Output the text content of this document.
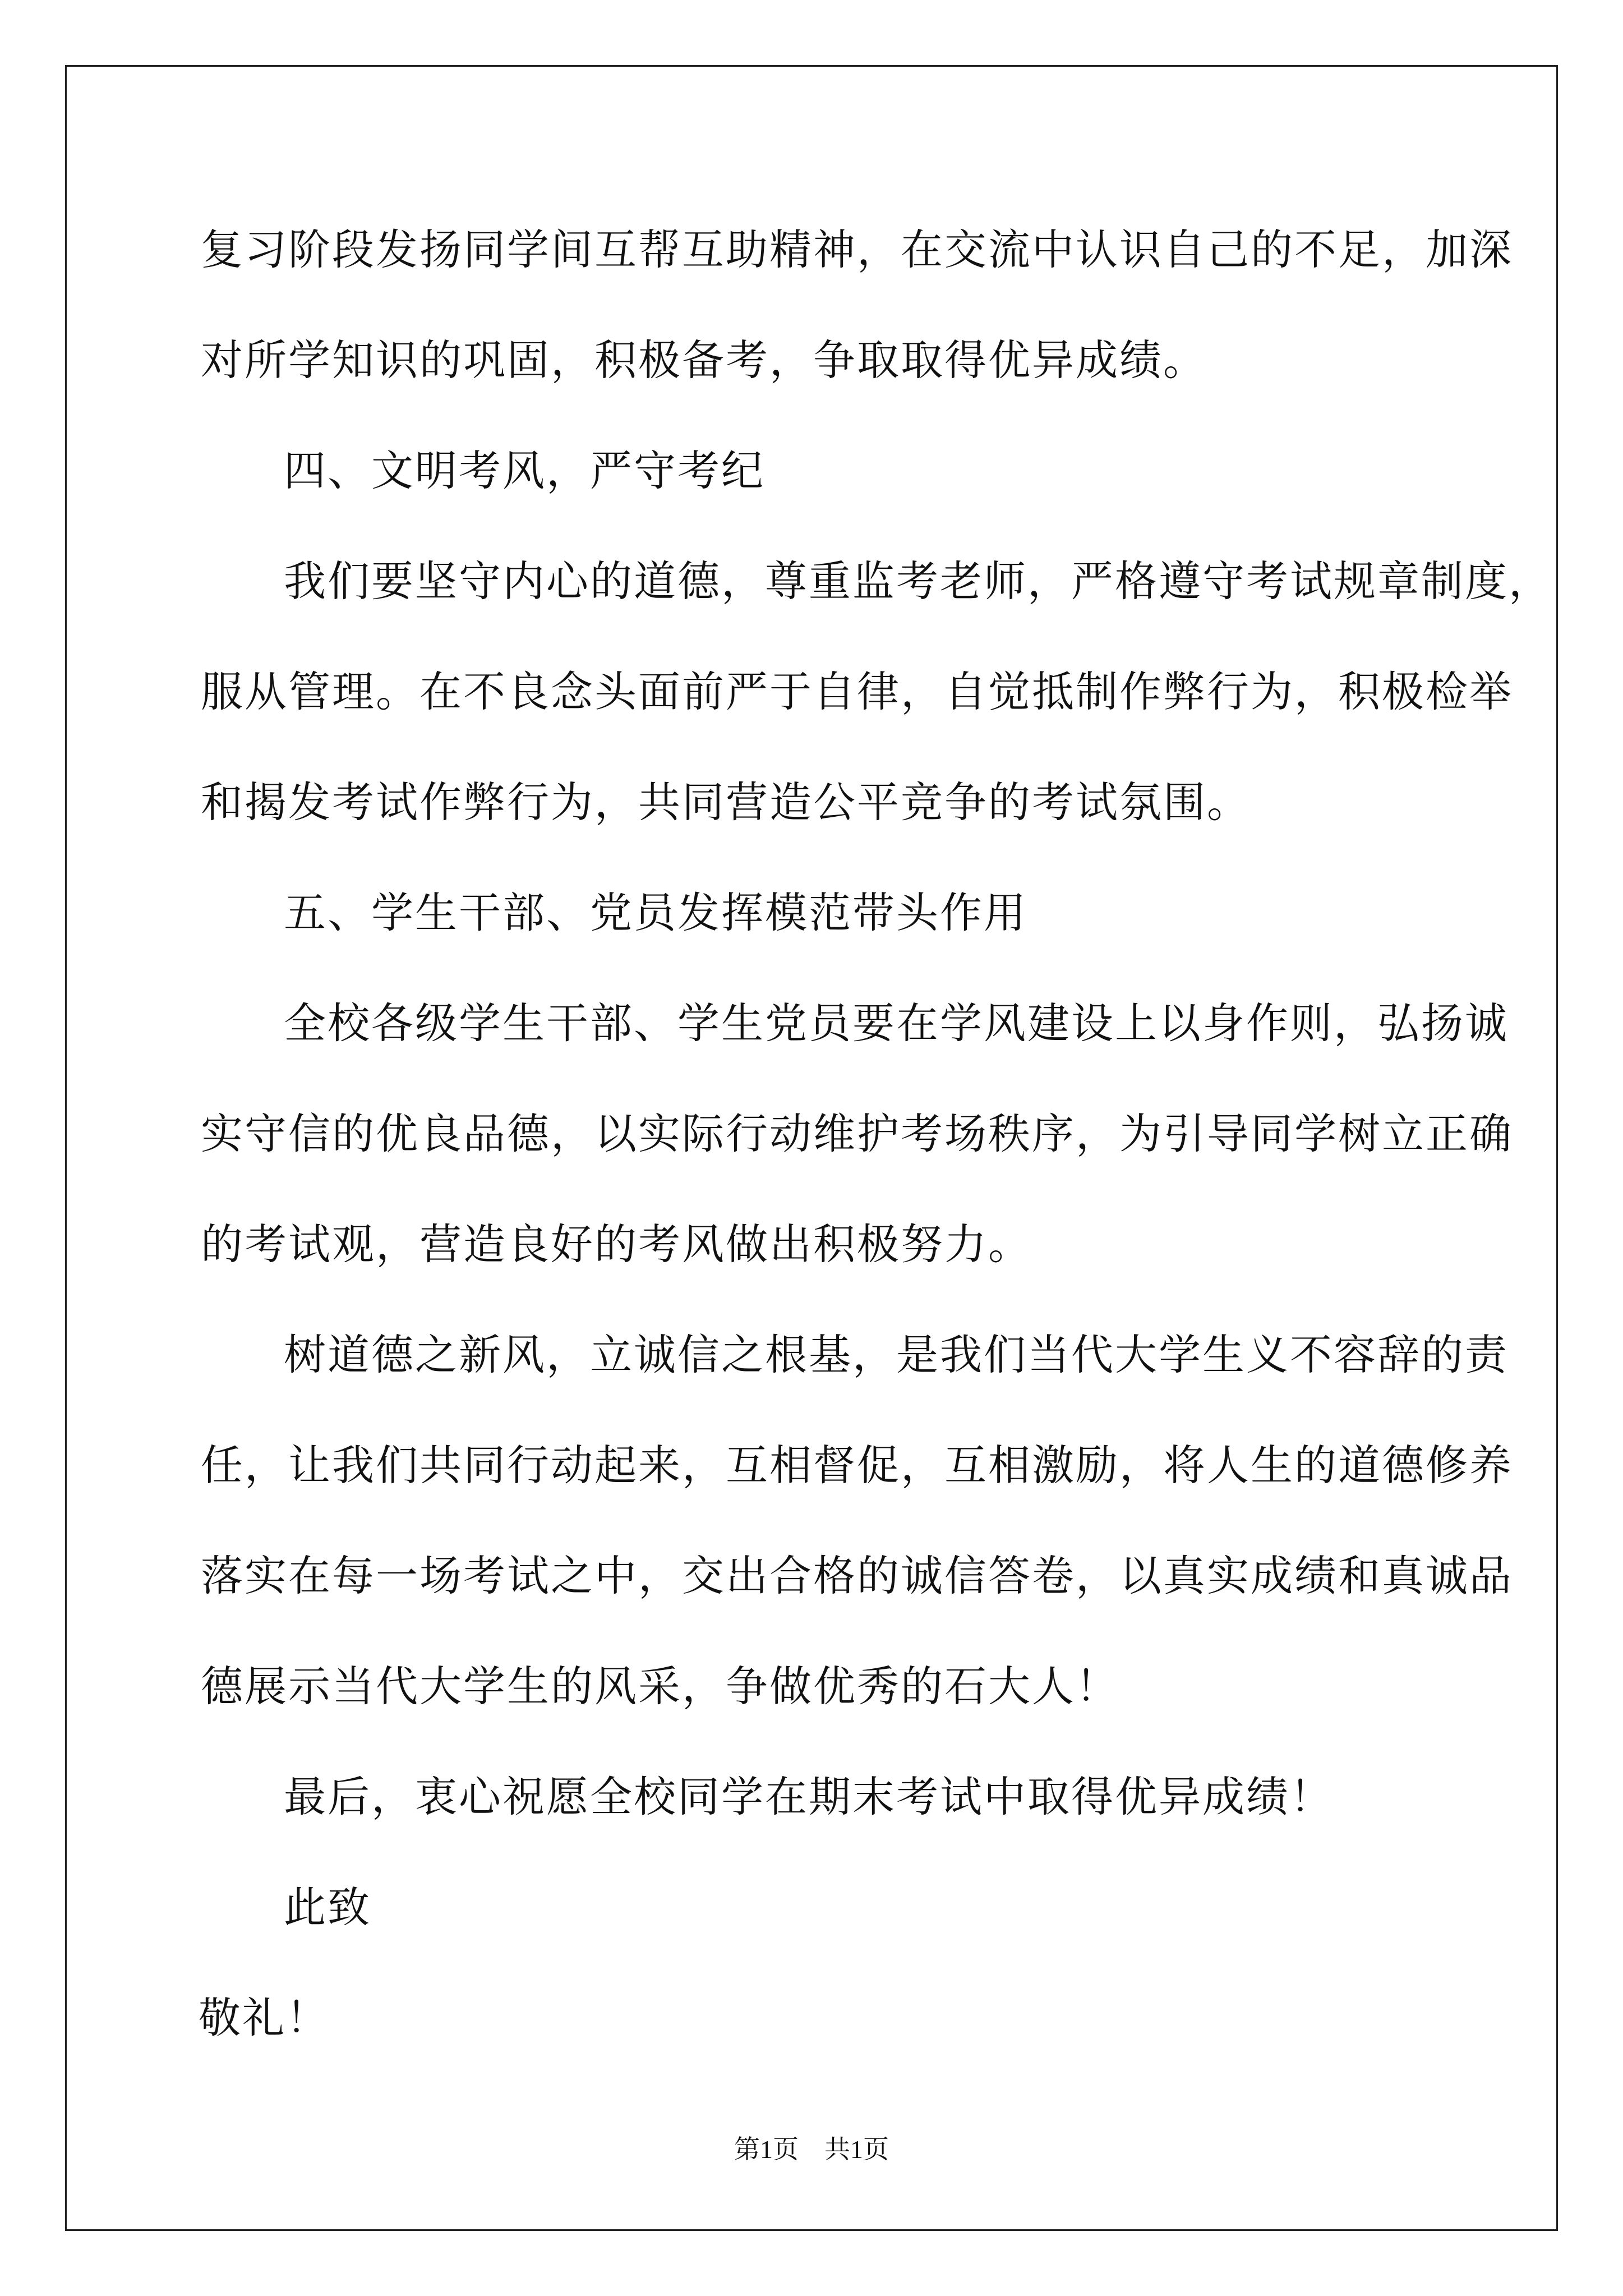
复习阶段发扬同学间互帮互助精神，在交流中认识自己的不足，加深
对所学知识的巩固，积极备考，争取取得优异成绩。
四、文明考风，严守考纪
我们要坚守内心的道德，尊重监考老师，严格遵守考试规章制度，
服从管理。在不良念头面前严于自律，自觉抵制作弊行为，积极检举
和揭发考试作弊行为，共同营造公平竞争的考试氛围。
五、学生干部、党员发挥模范带头作用
全校各级学生干部、学生党员要在学风建设上以身作则，弘扬诚
实守信的优良品德，以实际行动维护考场秩序，为引导同学树立正确
的考试观，营造良好的考风做出积极努力。
树道德之新风，立诚信之根基，是我们当代大学生义不容辞的责
任，让我们共同行动起来，互相督促，互相激励，将人生的道德修养
落实在每一场考试之中，交出合格的诚信答卷，以真实成绩和真诚品
德展示当代大学生的风采，争做优秀的石大人！
最后，衷心祝愿全校同学在期末考试中取得优异成绩！
此致
敬礼！
第1页    共1页
